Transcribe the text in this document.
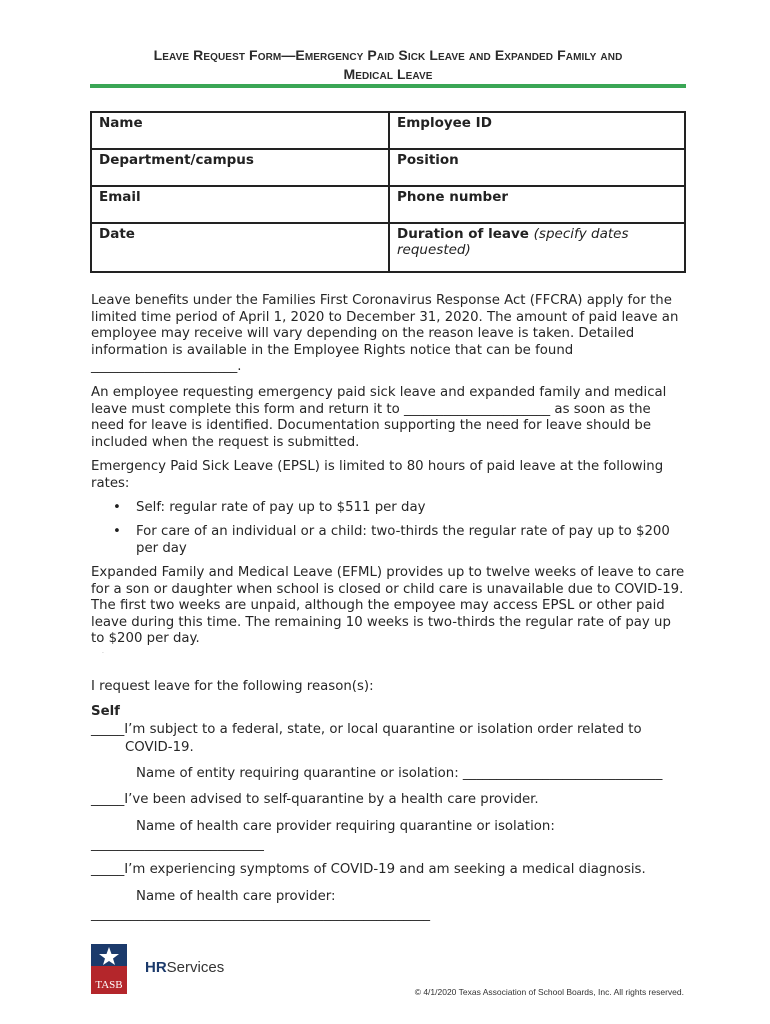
Leave Request Form—Emergency Paid Sick Leave and Expanded Family and
Medical Leave
Name	Employee ID
Department/campus	Position
Email	Phone number
Date	Duration of leave (specify dates requested)
Leave benefits under the Families First Coronavirus Response Act (FFCRA) apply for the limited time period of April 1, 2020 to December 31, 2020. The amount of paid leave an employee may receive will vary depending on the reason leave is taken. Detailed information is available in the Employee Rights notice that can be found ______________________.
An employee requesting emergency paid sick leave and expanded family and medical leave must complete this form and return it to ______________________ as soon as the need for leave is identified. Documentation supporting the need for leave should be included when the request is submitted.
Emergency Paid Sick Leave (EPSL) is limited to 80 hours of paid leave at the following rates:
• Self: regular rate of pay up to $511 per day
• For care of an individual or a child: two-thirds the regular rate of pay up to $200 per day
Expanded Family and Medical Leave (EFML) provides up to twelve weeks of leave to care for a son or daughter when school is closed or child care is unavailable due to COVID-19. The first two weeks are unpaid, although the empoyee may access EPSL or other paid leave during this time. The remaining 10 weeks is two-thirds the regular rate of pay up to $200 per day.
·
I request leave for the following reason(s):
Self
_____I’m subject to a federal, state, or local quarantine or isolation order related to
COVID-19.
Name of entity requiring quarantine or isolation: ______________________________
_____I’ve been advised to self-quarantine by a health care provider.
Name of health care provider requiring quarantine or isolation:
__________________________
_____I’m experiencing symptoms of COVID-19 and am seeking a medical diagnosis.
Name of health care provider:
___________________________________________________
TASB
HRServices
© 4/1/2020 Texas Association of School Boards, Inc. All rights reserved.
